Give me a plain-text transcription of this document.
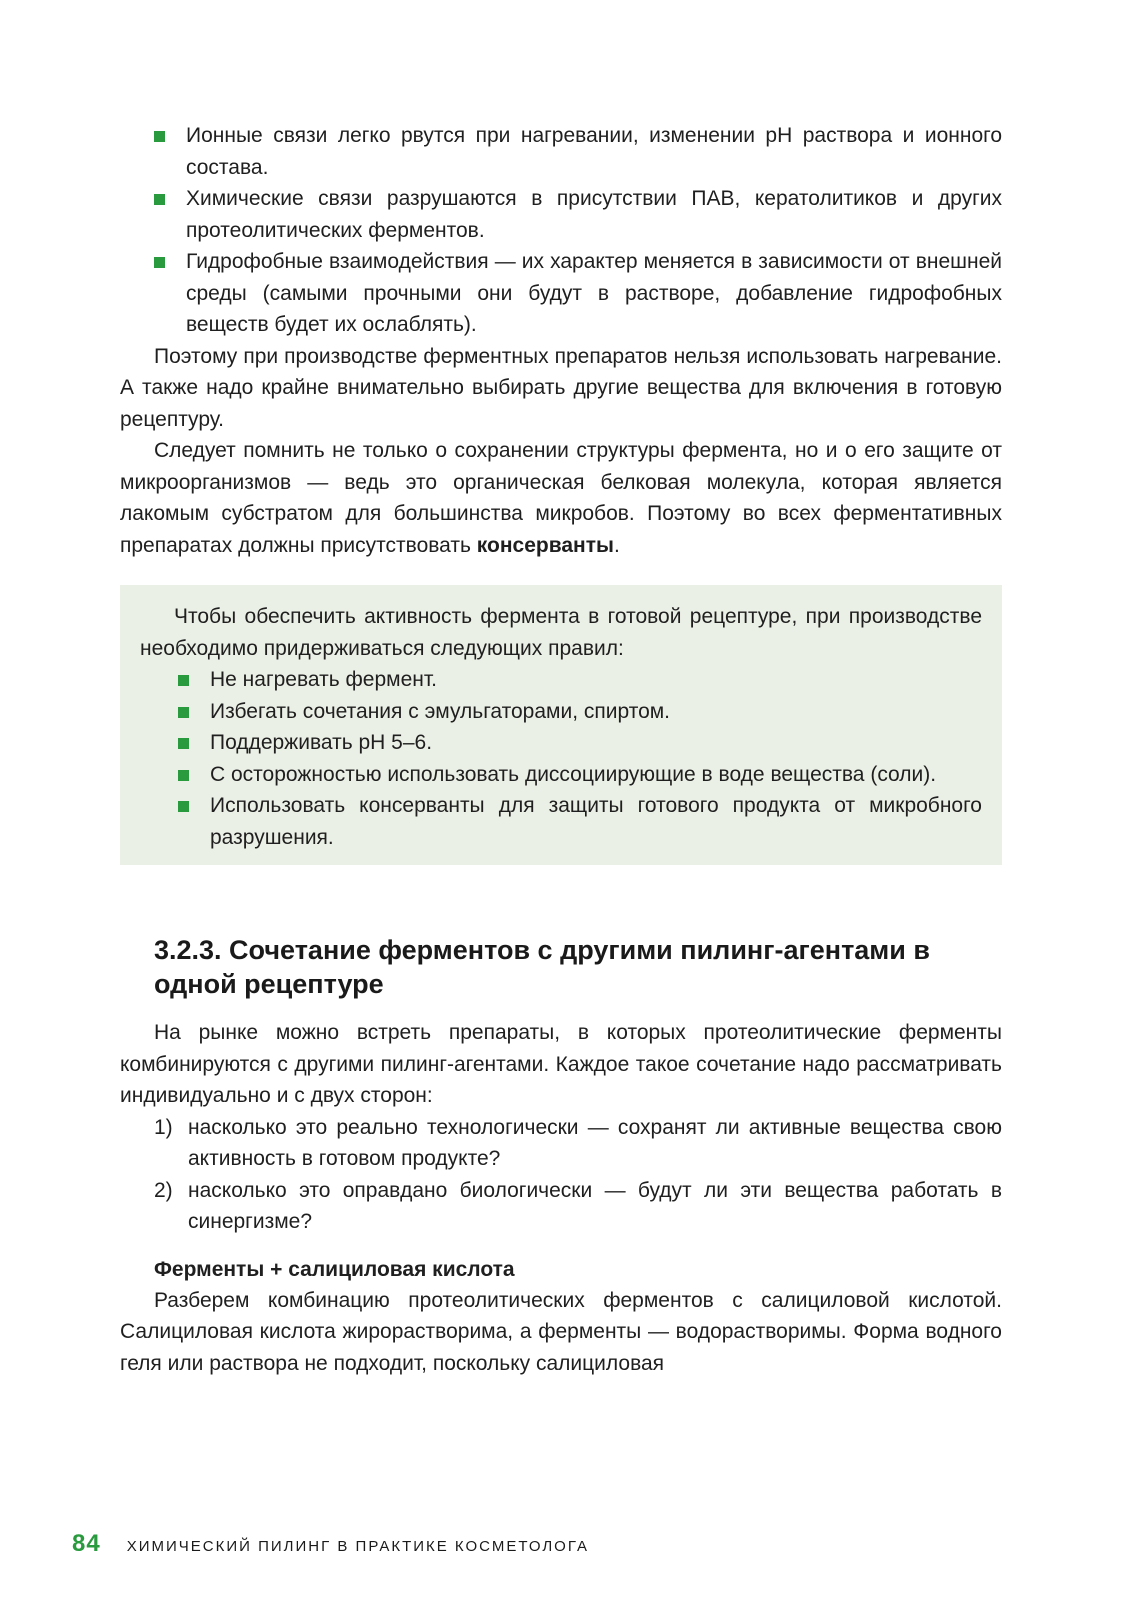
Ионные связи легко рвутся при нагревании, изменении pH раствора и ионного состава.
Химические связи разрушаются в присутствии ПАВ, кератолитиков и других протеолитических ферментов.
Гидрофобные взаимодействия — их характер меняется в зависимости от внешней среды (самыми прочными они будут в растворе, добавление гидрофобных веществ будет их ослаблять).

Поэтому при производстве ферментных препаратов нельзя использовать нагревание. А также надо крайне внимательно выбирать другие вещества для включения в готовую рецептуру.

Следует помнить не только о сохранении структуры фермента, но и о его защите от микроорганизмов — ведь это органическая белковая молекула, которая является лакомым субстратом для большинства микробов. Поэтому во всех ферментативных препаратах должны присутствовать консерванты.

Чтобы обеспечить активность фермента в готовой рецептуре, при производстве необходимо придерживаться следующих правил:

Не нагревать фермент.
Избегать сочетания с эмульгаторами, спиртом.
Поддерживать pH 5–6.
С осторожностью использовать диссоциирующие в воде вещества (соли).
Использовать консерванты для защиты готового продукта от микробного разрушения.
3.2.3. Сочетание ферментов с другими пилинг-агентами в одной рецептуре

На рынке можно встреть препараты, в которых протеолитические ферменты комбинируются с другими пилинг-агентами. Каждое такое сочетание надо рассматривать индивидуально и с двух сторон:

1) насколько это реально технологически — сохранят ли активные вещества свою активность в готовом продукте?
2) насколько это оправдано биологически — будут ли эти вещества работать в синергизме?
Ферменты + салициловая кислота

Разберем комбинацию протеолитических ферментов с салициловой кислотой. Салициловая кислота жирорастворима, а ферменты — водорастворимы. Форма водного геля или раствора не подходит, поскольку салициловая

84 ХИМИЧЕСКИЙ ПИЛИНГ В ПРАКТИКЕ КОСМЕТОЛОГА
